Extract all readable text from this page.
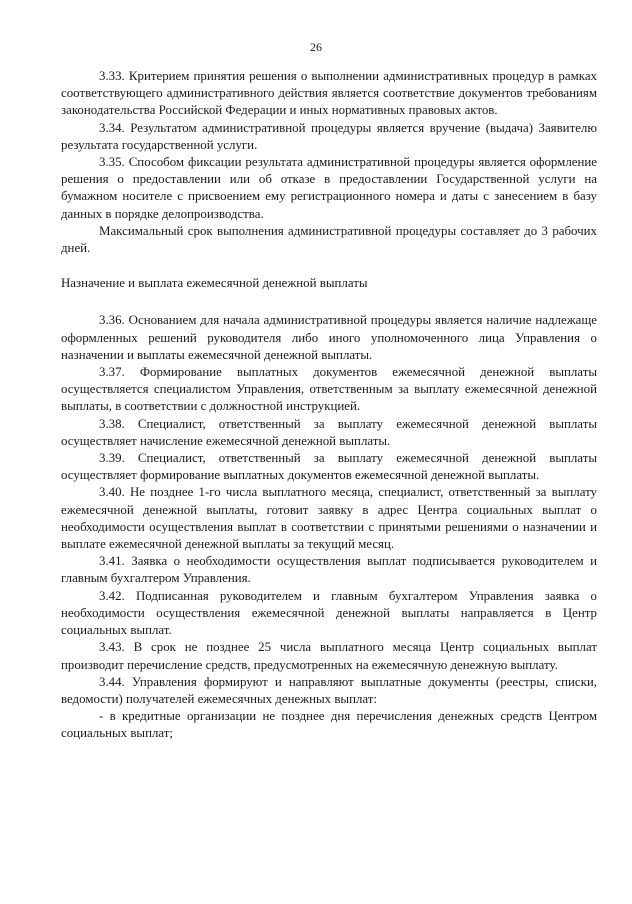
26

3.33. Критерием принятия решения о выполнении административных процедур в рамках соответствующего административного действия является соответствие документов требованиям законодательства Российской Федерации и иных нормативных правовых актов.

3.34. Результатом административной процедуры является вручение (выдача) Заявителю результата государственной услуги.

3.35. Способом фиксации результата административной процедуры является оформление решения о предоставлении или об отказе в предоставлении Государственной услуги на бумажном носителе с присвоением ему регистрационного номера и даты с занесением в базу данных в порядке делопроизводства.

Максимальный срок выполнения административной процедуры составляет до 3 рабочих дней.

Назначение и выплата ежемесячной денежной выплаты

3.36. Основанием для начала административной процедуры является наличие надлежаще оформленных решений руководителя либо иного уполномоченного лица Управления о назначении и выплаты ежемесячной денежной выплаты.

3.37. Формирование выплатных документов ежемесячной денежной выплаты осуществляется специалистом Управления, ответственным за выплату ежемесячной денежной выплаты, в соответствии с должностной инструкцией.

3.38. Специалист, ответственный за выплату ежемесячной денежной выплаты осуществляет начисление ежемесячной денежной выплаты.

3.39. Специалист, ответственный за выплату ежемесячной денежной выплаты осуществляет формирование выплатных документов ежемесячной денежной выплаты.

3.40. Не позднее 1-го числа выплатного месяца, специалист, ответственный за выплату ежемесячной денежной выплаты, готовит заявку в адрес Центра социальных выплат о необходимости осуществления выплат в соответствии с принятыми решениями о назначении и выплате ежемесячной денежной выплаты за текущий месяц.

3.41. Заявка о необходимости осуществления выплат подписывается руководителем и главным бухгалтером Управления.

3.42. Подписанная руководителем и главным бухгалтером Управления заявка о необходимости осуществления ежемесячной денежной выплаты направляется в Центр социальных выплат.

3.43. В срок не позднее 25 числа выплатного месяца Центр социальных выплат производит перечисление средств, предусмотренных на ежемесячную денежную выплату.

3.44. Управления формируют и направляют выплатные документы (реестры, списки, ведомости) получателей ежемесячных денежных выплат:

- в кредитные организации не позднее дня перечисления денежных средств Центром социальных выплат;
